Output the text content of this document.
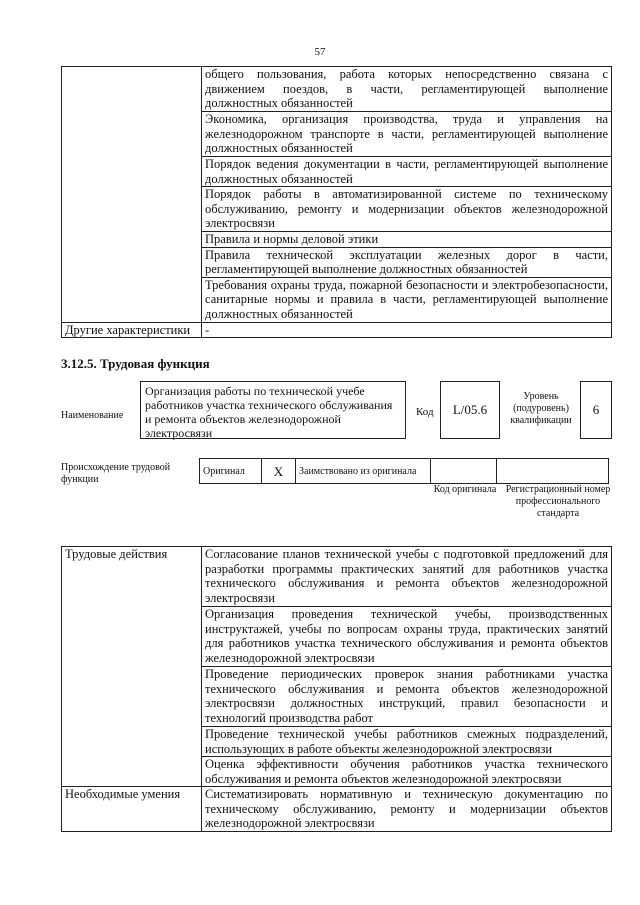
57
	общего пользования, работа которых непосредственно связана с движением поездов, в части, регламентирующей выполнение должностных обязанностей
	Экономика, организация производства, труда и управления на железнодорожном транспорте в части, регламентирующей выполнение должностных обязанностей
	Порядок ведения документации в части, регламентирующей выполнение должностных обязанностей
	Порядок работы в автоматизированной системе по техническому обслуживанию, ремонту и модернизации объектов железнодорожной электросвязи
	Правила и нормы деловой этики
	Правила технической эксплуатации железных дорог в части, регламентирующей выполнение должностных обязанностей
	Требования охраны труда, пожарной безопасности и электробезопасности, санитарные нормы и правила в части, регламентирующей выполнение должностных обязанностей
Другие характеристики	-
3.12.5. Трудовая функция
Наименование
Организация работы по технической учебе работников участка технического обслуживания и ремонта объектов железнодорожной электросвязи
Код	L/05.6
Уровень (подуровень) квалификации
6
Происхождение трудовой функции
Оригинал	X	Заимствовано из оригинала		
Код оригинала Регистрационный номер профессионального стандарта
Трудовые действия	Согласование планов технической учебы с подготовкой предложений для разработки программы практических занятий для работников участка технического обслуживания и ремонта объектов железнодорожной электросвязи
	Организация проведения технической учебы, производственных инструктажей, учебы по вопросам охраны труда, практических занятий для работников участка технического обслуживания и ремонта объектов железнодорожной электросвязи
	Проведение периодических проверок знания работниками участка технического обслуживания и ремонта объектов железнодорожной электросвязи должностных инструкций, правил безопасности и технологий производства работ
	Проведение технической учебы работников смежных подразделений, использующих в работе объекты железнодорожной электросвязи
	Оценка эффективности обучения работников участка технического обслуживания и ремонта объектов железнодорожной электросвязи
Необходимые умения	Систематизировать нормативную и техническую документацию по техническому обслуживанию, ремонту и модернизации объектов железнодорожной электросвязи
